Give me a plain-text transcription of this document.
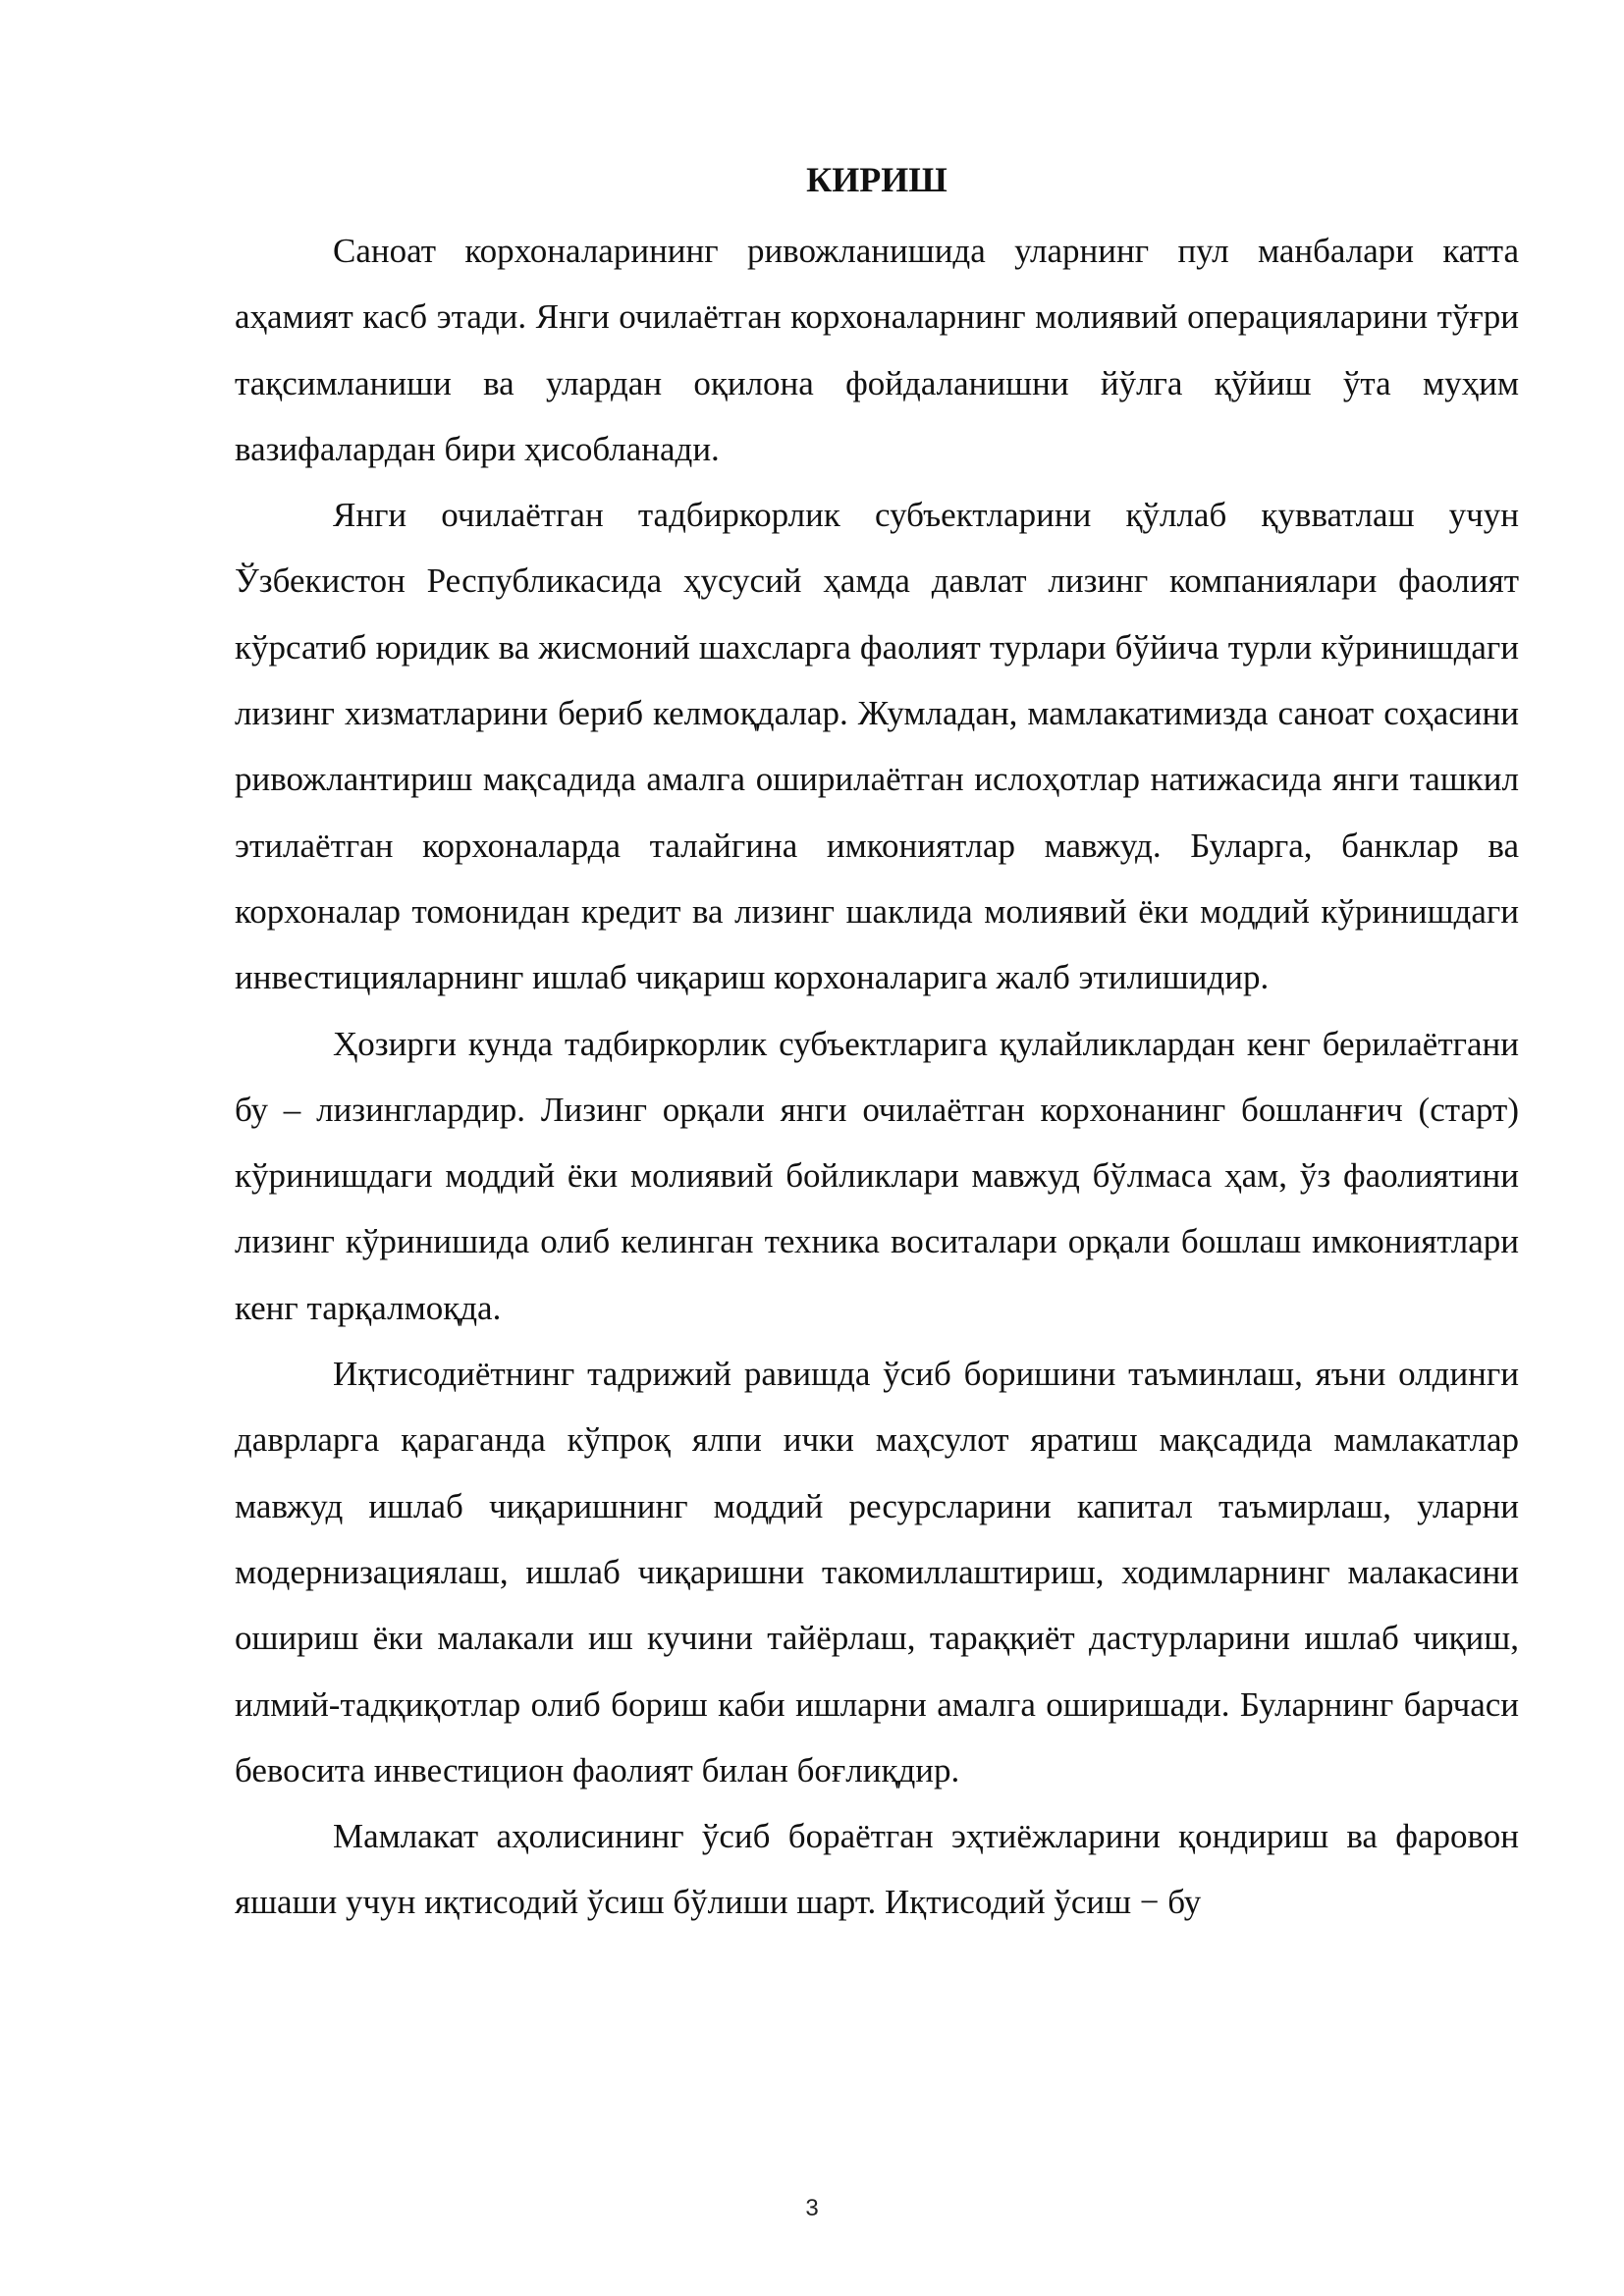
КИРИШ

Саноат корхоналарининг ривожланишида уларнинг пул манбалари катта аҳамият касб этади. Янги очилаётган корхоналарнинг молиявий операцияларини тўғри тақсимланиши ва улардан оқилона фойдаланишни йўлга қўйиш ўта муҳим вазифалардан бири ҳисобланади.

Янги очилаётган тадбиркорлик субъектларини қўллаб қувватлаш учун Ўзбекистон Республикасида ҳусусий ҳамда давлат лизинг компаниялари фаолият кўрсатиб юридик ва жисмоний шахсларга фаолият турлари бўйича турли кўринишдаги лизинг хизматларини бериб келмоқдалар. Жумладан, мамлакатимизда саноат соҳасини ривожлантириш мақсадида амалга оширилаётган ислоҳотлар натижасида янги ташкил этилаётган корхоналарда талайгина имкониятлар мавжуд. Буларга, банклар ва корхоналар томонидан кредит ва лизинг шаклида молиявий ёки моддий кўринишдаги инвестицияларнинг ишлаб чиқариш корхоналарига жалб этилишидир.

Ҳозирги кунда тадбиркорлик субъектларига қулайликлардан кенг берилаётгани бу – лизинглардир. Лизинг орқали янги очилаётган корхонанинг бошланғич (старт) кўринишдаги моддий ёки молиявий бойликлари мавжуд бўлмаса ҳам, ўз фаолиятини лизинг кўринишида олиб келинган техника воситалари орқали бошлаш имкониятлари кенг тарқалмоқда.

Иқтисодиётнинг тадрижий равишда ўсиб боришини таъминлаш, яъни олдинги даврларга қараганда кўпроқ ялпи ички маҳсулот яратиш мақсадида мамлакатлар мавжуд ишлаб чиқаришнинг моддий ресурсларини капитал таъмирлаш, уларни модернизациялаш, ишлаб чиқаришни такомиллаштириш, ходимларнинг малакасини ошириш ёки малакали иш кучини тайёрлаш, тараққиёт дастурларини ишлаб чиқиш, илмий-тадқиқотлар олиб бориш каби ишларни амалга оширишади. Буларнинг барчаси бевосита инвестицион фаолият билан боғлиқдир.

Мамлакат аҳолисининг ўсиб бораётган эҳтиёжларини қондириш ва фаровон яшаши учун иқтисодий ўсиш бўлиши шарт. Иқтисодий ўсиш − бу

3
